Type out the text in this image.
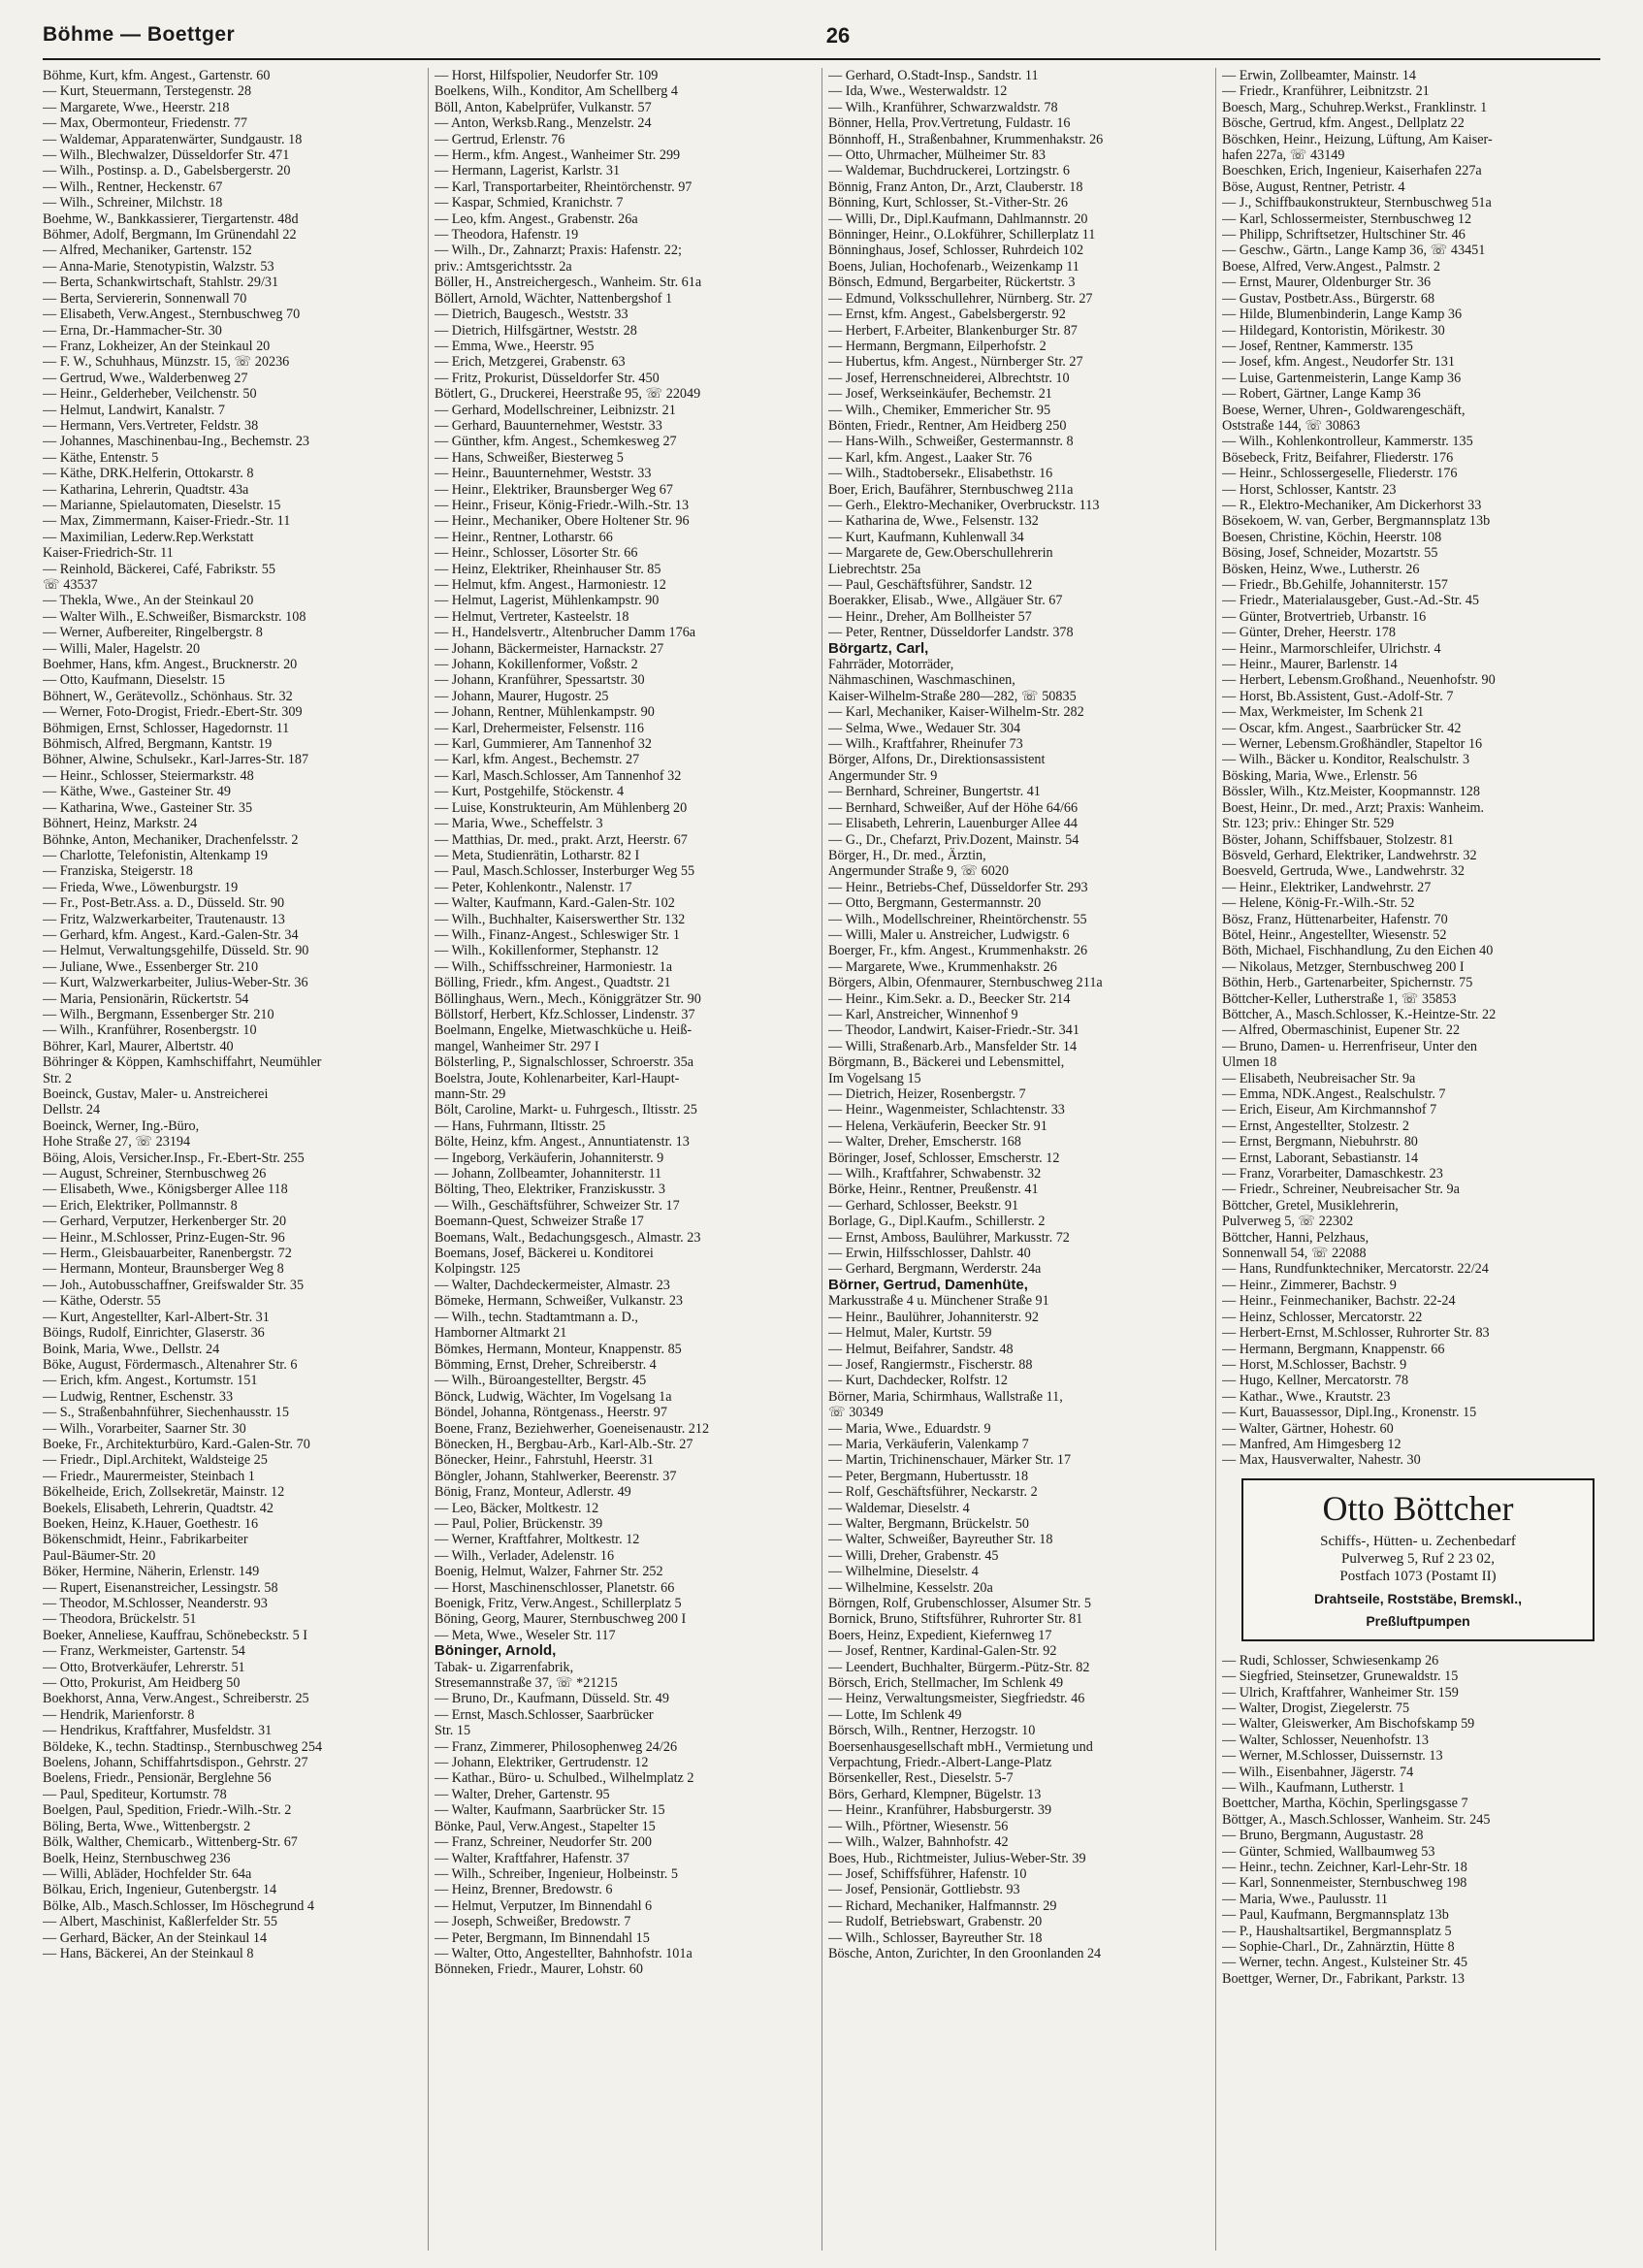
Böhme — Boettger	26
Böhme, Kurt, kfm. Angest., Gartenstr. 60
— Kurt, Steuermann, Terstegenstr. 28
— Margarete, Wwe., Heerstr. 218
— Max, Obermonteur, Friedenstr. 77
— Waldemar, Apparatenwärter, Sundgaustr. 18
— Wilh., Blechwalzer, Düsseldorfer Str. 471
— Wilh., Postinsp. a. D., Gabelsbergerstr. 20
— Wilh., Rentner, Heckenstr. 67
— Wilh., Schreiner, Milchstr. 18
Boehme, W., Bankkassierer, Tiergartenstr. 48d
Böhmer, Adolf, Bergmann, Im Grünendahl 22
— Alfred, Mechaniker, Gartenstr. 152
— Anna-Marie, Stenotypistin, Walzstr. 53
— Berta, Schankwirtschaft, Stahlstr. 29/31
— Berta, Serviererin, Sonnenwall 70
— Elisabeth, Verw.Angest., Sternbuschweg 70
— Erna, Dr.-Hammacher-Str. 30
— Franz, Lokheizer, An der Steinkaul 20
— F. W., Schuhhaus, Münzstr. 15, ☏ 20236
— Gertrud, Wwe., Walderbenweg 27
— Heinr., Gelderheber, Veilchenstr. 50
— Helmut, Landwirt, Kanalstr. 7
— Hermann, Vers.Vertreter, Feldstr. 38
— Johannes, Maschinenbau-Ing., Bechemstr. 23
— Käthe, Entenstr. 5
— Käthe, DRK.Helferin, Ottokarstr. 8
— Katharina, Lehrerin, Quadtstr. 43a
— Marianne, Spielautomaten, Dieselstr. 15
— Max, Zimmermann, Kaiser-Friedr.-Str. 11
— Maximilian, Lederw.Rep.Werkstatt
Kaiser-Friedrich-Str. 11
— Reinhold, Bäckerei, Café, Fabrikstr. 55
☏ 43537
— Thekla, Wwe., An der Steinkaul 20
— Walter Wilh., E.Schweißer, Bismarckstr. 108
— Werner, Aufbereiter, Ringelbergstr. 8
— Willi, Maler, Hagelstr. 20
Boehmer, Hans, kfm. Angest., Brucknerstr. 20
— Otto, Kaufmann, Dieselstr. 15
Böhnert, W., Gerätevollz., Schönhaus. Str. 32
— Werner, Foto-Drogist, Friedr.-Ebert-Str. 309
Böhmigen, Ernst, Schlosser, Hagedornstr. 11
Böhmisch, Alfred, Bergmann, Kantstr. 19
Böhner, Alwine, Schulsekr., Karl-Jarres-Str. 187
— Heinr., Schlosser, Steiermarkstr. 48
— Käthe, Wwe., Gasteiner Str. 49
— Katharina, Wwe., Gasteiner Str. 35
Böhnert, Heinz, Markstr. 24
Böhnke, Anton, Mechaniker, Drachenfelsstr. 2
— Charlotte, Telefonistin, Altenkamp 19
— Franziska, Steigerstr. 18
— Frieda, Wwe., Löwenburgstr. 19
— Fr., Post-Betr.Ass. a. D., Düsseld. Str. 90
— Fritz, Walzwerkarbeiter, Trautenaustr. 13
— Gerhard, kfm. Angest., Kard.-Galen-Str. 34
— Helmut, Verwaltungsgehilfe, Düsseld. Str. 90
— Juliane, Wwe., Essenberger Str. 210
— Kurt, Walzwerkarbeiter, Julius-Weber-Str. 36
— Maria, Pensionärin, Rückertstr. 54
— Wilh., Bergmann, Essenberger Str. 210
— Wilh., Kranführer, Rosenbergstr. 10
Böhrer, Karl, Maurer, Albertstr. 40
Böhringer & Köppen, Kamhschiffahrt, Neumühler
Str. 2
Boeinck, Gustav, Maler- u. Anstreicherei
Dellstr. 24
Boeinck, Werner, Ing.-Büro,
Hohe Straße 27, ☏ 23194
Böing, Alois, Versicher.Insp., Fr.-Ebert-Str. 255
— August, Schreiner, Sternbuschweg 26
— Elisabeth, Wwe., Königsberger Allee 118
— Erich, Elektriker, Pollmannstr. 8
— Gerhard, Verputzer, Herkenberger Str. 20
— Heinr., M.Schlosser, Prinz-Eugen-Str. 96
— Herm., Gleisbauarbeiter, Ranenbergstr. 72
— Hermann, Monteur, Braunsberger Weg 8
— Joh., Autobusschaffner, Greifswalder Str. 35
— Käthe, Oderstr. 55
— Kurt, Angestellter, Karl-Albert-Str. 31
Böings, Rudolf, Einrichter, Glaserstr. 36
Boink, Maria, Wwe., Dellstr. 24
Böke, August, Fördermasch., Altenahrer Str. 6
— Erich, kfm. Angest., Kortumstr. 151
— Ludwig, Rentner, Eschenstr. 33
— S., Straßenbahnführer, Siechenhausstr. 15
— Wilh., Vorarbeiter, Saarner Str. 30
Boeke, Fr., Architekturbüro, Kard.-Galen-Str. 70
— Friedr., Dipl.Architekt, Waldsteige 25
— Friedr., Maurermeister, Steinbach 1
Bökelheide, Erich, Zollsekretär, Mainstr. 12
Boekels, Elisabeth, Lehrerin, Quadtstr. 42
Boeken, Heinz, K.Hauer, Goethestr. 16
Bökenschmidt, Heinr., Fabrikarbeiter
Paul-Bäumer-Str. 20
Böker, Hermine, Näherin, Erlenstr. 149
— Rupert, Eisenanstreicher, Lessingstr. 58
— Theodor, M.Schlosser, Neanderstr. 93
— Theodora, Brückelstr. 51
Boeker, Anneliese, Kauffrau, Schönebeckstr. 5 I
— Franz, Werkmeister, Gartenstr. 54
— Otto, Brotverkäufer, Lehrerstr. 51
— Otto, Prokurist, Am Heidberg 50
Boekhorst, Anna, Verw.Angest., Schreiberstr. 25
— Hendrik, Marienforstr. 8
— Hendrikus, Kraftfahrer, Musfeldstr. 31
Böldeke, K., techn. Stadtinsp., Sternbuschweg 254
Boelens, Johann, Schiffahrtsdispon., Gehrstr. 27
Boelens, Friedr., Pensionär, Berglehne 56
— Paul, Spediteur, Kortumstr. 78
Boelgen, Paul, Spedition, Friedr.-Wilh.-Str. 2
Böling, Berta, Wwe., Wittenbergstr. 2
Bölk, Walther, Chemicarb., Wittenberg-Str. 67
Boelk, Heinz, Sternbuschweg 236
— Willi, Abläder, Hochfelder Str. 64a
Bölkau, Erich, Ingenieur, Gutenbergstr. 14
Bölke, Alb., Masch.Schlosser, Im Höschegrund 4
— Albert, Maschinist, Kaßlerfelder Str. 55
— Gerhard, Bäcker, An der Steinkaul 14
— Hans, Bäckerei, An der Steinkaul 8
— Horst, Hilfspolier, Neudorfer Str. 109
Boelkens, Wilh., Konditor, Am Schellberg 4
Böll, Anton, Kabelprüfer, Vulkanstr. 57
— Anton, Werksb.Rang., Menzelstr. 24
— Gertrud, Erlenstr. 76
— Herm., kfm. Angest., Wanheimer Str. 299
— Hermann, Lagerist, Karlstr. 31
— Karl, Transportarbeiter, Rheintörchenstr. 97
— Kaspar, Schmied, Kranichstr. 7
— Leo, kfm. Angest., Grabenstr. 26a
— Theodora, Hafenstr. 19
— Wilh., Dr., Zahnarzt; Praxis: Hafenstr. 22;
priv.: Amtsgerichtsstr. 2a
Böller, H., Anstreichergesch., Wanheim. Str. 61a
Böllert, Arnold, Wächter, Nattenbergshof 1
— Dietrich, Baugesch., Weststr. 33
— Dietrich, Hilfsgärtner, Weststr. 28
— Emma, Wwe., Heerstr. 95
— Erich, Metzgerei, Grabenstr. 63
— Fritz, Prokurist, Düsseldorfer Str. 450
Bötlert, G., Druckerei, Heerstraße 95, ☏ 22049
— Gerhard, Modellschreiner, Leibnizstr. 21
— Gerhard, Bauunternehmer, Weststr. 33
— Günther, kfm. Angest., Schemkesweg 27
— Hans, Schweißer, Biesterweg 5
— Heinr., Bauunternehmer, Weststr. 33
— Heinr., Elektriker, Braunsberger Weg 67
— Heinr., Friseur, König-Friedr.-Wilh.-Str. 13
— Heinr., Mechaniker, Obere Holtener Str. 96
— Heinr., Rentner, Lotharstr. 66
— Heinr., Schlosser, Lösorter Str. 66
— Heinz, Elektriker, Rheinhauser Str. 85
— Helmut, kfm. Angest., Harmoniestr. 12
— Helmut, Lagerist, Mühlenkampstr. 90
— Helmut, Vertreter, Kasteelstr. 18
— H., Handelsvertr., Altenbrucher Damm 176a
— Johann, Bäckermeister, Harnackstr. 27
— Johann, Kokillenformer, Voßstr. 2
— Johann, Kranführer, Spessartstr. 30
— Johann, Maurer, Hugostr. 25
— Johann, Rentner, Mühlenkampstr. 90
— Karl, Drehermeister, Felsenstr. 116
— Karl, Gummierer, Am Tannenhof 32
— Karl, kfm. Angest., Bechemstr. 27
— Karl, Masch.Schlosser, Am Tannenhof 32
— Kurt, Postgehilfe, Stöckenstr. 4
— Luise, Konstrukteurin, Am Mühlenberg 20
— Maria, Wwe., Scheffelstr. 3
— Matthias, Dr. med., prakt. Arzt, Heerstr. 67
— Meta, Studienrätin, Lotharstr. 82 I
— Paul, Masch.Schlosser, Insterburger Weg 55
— Peter, Kohlenkontr., Nalenstr. 17
— Walter, Kaufmann, Kard.-Galen-Str. 102
— Wilh., Buchhalter, Kaiserswerther Str. 132
— Wilh., Finanz-Angest., Schleswiger Str. 1
— Wilh., Kokillenformer, Stephanstr. 12
— Wilh., Schiffsschreiner, Harmoniestr. 1a
Bölling, Friedr., kfm. Angest., Quadtstr. 21
Böllinghaus, Wern., Mech., Königgrätzer Str. 90
Böllstorf, Herbert, Kfz.Schlosser, Lindenstr. 37
Boelmann, Engelke, Mietwaschküche u. Heiß-
mangel, Wanheimer Str. 297 I
Bölsterling, P., Signalschlosser, Schroerstr. 35a
Boelstra, Joute, Kohlenarbeiter, Karl-Haupt-
mann-Str. 29
Bölt, Caroline, Markt- u. Fuhrgesch., Iltisstr. 25
— Hans, Fuhrmann, Iltisstr. 25
Bölte, Heinz, kfm. Angest., Annuntiatenstr. 13
— Ingeborg, Verkäuferin, Johanniterstr. 9
— Johann, Zollbeamter, Johanniterstr. 11
Bölting, Theo, Elektriker, Franziskusstr. 3
— Wilh., Geschäftsführer, Schweizer Str. 17
Boemann-Quest, Schweizer Straße 17
Boemans, Walt., Bedachungsgesch., Almastr. 23
Boemans, Josef, Bäckerei u. Konditorei
Kolpingstr. 125
— Walter, Dachdeckermeister, Almastr. 23
Bömeke, Hermann, Schweißer, Vulkanstr. 23
— Wilh., techn. Stadtamtmann a. D.,
Hamborner Altmarkt 21
Bömkes, Hermann, Monteur, Knappenstr. 85
Bömming, Ernst, Dreher, Schreiberstr. 4
— Wilh., Büroangestellter, Bergstr. 45
Bönck, Ludwig, Wächter, Im Vogelsang 1a
Böndel, Johanna, Röntgenass., Heerstr. 97
Boene, Franz, Beziehwerher, Goeneisenaustr. 212
Bönecken, H., Bergbau-Arb., Karl-Alb.-Str. 27
Bönecker, Heinr., Fahrstuhl, Heerstr. 31
Böngler, Johann, Stahlwerker, Beerenstr. 37
Bönig, Franz, Monteur, Adlerstr. 49
— Leo, Bäcker, Moltkestr. 12
— Paul, Polier, Brückenstr. 39
— Werner, Kraftfahrer, Moltkestr. 12
— Wilh., Verlader, Adelenstr. 16
Boenig, Helmut, Walzer, Fahrner Str. 252
— Horst, Maschinenschlosser, Planetstr. 66
Boenigk, Fritz, Verw.Angest., Schillerplatz 5
Böning, Georg, Maurer, Sternbuschweg 200 I
— Meta, Wwe., Weseler Str. 117
Böninger, Arnold,
Tabak- u. Zigarrenfabrik,
Stresemannstraße 37, ☏ *21215
— Bruno, Dr., Kaufmann, Düsseld. Str. 49
— Ernst, Masch.Schlosser, Saarbrücker
Str. 15
— Franz, Zimmerer, Philosophenweg 24/26
— Johann, Elektriker, Gertrudenstr. 12
— Kathar., Büro- u. Schulbed., Wilhelmplatz 2
— Walter, Dreher, Gartenstr. 95
— Walter, Kaufmann, Saarbrücker Str. 15
Bönke, Paul, Verw.Angest., Stapelter 15
— Franz, Schreiner, Neudorfer Str. 200
— Walter, Kraftfahrer, Hafenstr. 37
— Wilh., Schreiber, Ingenieur, Holbeinstr. 5
— Heinz, Brenner, Bredowstr. 6
— Helmut, Verputzer, Im Binnendahl 6
— Joseph, Schweißer, Bredowstr. 7
— Peter, Bergmann, Im Binnendahl 15
— Walter, Otto, Angestellter, Bahnhofstr. 101a
Bönneken, Friedr., Maurer, Lohstr. 60
— Gerhard, O.Stadt-Insp., Sandstr. 11
— Ida, Wwe., Westerwaldstr. 12
— Wilh., Kranführer, Schwarzwaldstr. 78
Bönner, Hella, Prov.Vertretung, Fuldastr. 16
Bönnhoff, H., Straßenbahner, Krummenhakstr. 26
— Otto, Uhrmacher, Mülheimer Str. 83
— Waldemar, Buchdruckerei, Lortzingstr. 6
Bönnig, Franz Anton, Dr., Arzt, Clauberstr. 18
Bönning, Kurt, Schlosser, St.-Vither-Str. 26
— Willi, Dr., Dipl.Kaufmann, Dahlmannstr. 20
Bönninger, Heinr., O.Lokführer, Schillerplatz 11
Bönninghaus, Josef, Schlosser, Ruhrdeich 102
Boens, Julian, Hochofenarb., Weizenkamp 11
Bönsch, Edmund, Bergarbeiter, Rückertstr. 3
— Edmund, Volksschullehrer, Nürnberg. Str. 27
— Ernst, kfm. Angest., Gabelsbergerstr. 92
— Herbert, F.Arbeiter, Blankenburger Str. 87
— Hermann, Bergmann, Eilperhofstr. 2
— Hubertus, kfm. Angest., Nürnberger Str. 27
— Josef, Herrenschneiderei, Albrechtstr. 10
— Josef, Werkseinkäufer, Bechemstr. 21
— Wilh., Chemiker, Emmericher Str. 95
Bönten, Friedr., Rentner, Am Heidberg 250
— Hans-Wilh., Schweißer, Gestermannstr. 8
— Karl, kfm. Angest., Laaker Str. 76
— Wilh., Stadtobersekr., Elisabethstr. 16
Boer, Erich, Baufährer, Sternbuschweg 211a
— Gerh., Elektro-Mechaniker, Overbruckstr. 113
— Katharina de, Wwe., Felsenstr. 132
— Kurt, Kaufmann, Kuhlenwall 34
— Margarete de, Gew.Oberschullehrerin
Liebrechtstr. 25a
— Paul, Geschäftsführer, Sandstr. 12
Boerakker, Elisab., Wwe., Allgäuer Str. 67
— Heinr., Dreher, Am Bollheister 57
— Peter, Rentner, Düsseldorfer Landstr. 378
Börgartz, Carl,
Fahrräder, Motorräder,
Nähmaschinen, Waschmaschinen,
Kaiser-Wilhelm-Straße 280—282, ☏ 50835
— Karl, Mechaniker, Kaiser-Wilhelm-Str. 282
— Selma, Wwe., Wedauer Str. 304
— Wilh., Kraftfahrer, Rheinufer 73
Börger, Alfons, Dr., Direktionsassistent
Angermunder Str. 9
— Bernhard, Schreiner, Bungertstr. 41
— Bernhard, Schweißer, Auf der Höhe 64/66
— Elisabeth, Lehrerin, Lauenburger Allee 44
— G., Dr., Chefarzt, Priv.Dozent, Mainstr. 54
Börger, H., Dr. med., Ärztin,
Angermunder Straße 9, ☏ 6020
— Heinr., Betriebs-Chef, Düsseldorfer Str. 293
— Otto, Bergmann, Gestermannstr. 20
— Wilh., Modellschreiner, Rheintörchenstr. 55
— Willi, Maler u. Anstreicher, Ludwigstr. 6
Boerger, Fr., kfm. Angest., Krummenhakstr. 26
— Margarete, Wwe., Krummenhakstr. 26
Börgers, Albin, Ofenmaurer, Sternbuschweg 211a
— Heinr., Kim.Sekr. a. D., Beecker Str. 214
— Karl, Anstreicher, Winnenhof 9
— Theodor, Landwirt, Kaiser-Friedr.-Str. 341
— Willi, Straßenarb.Arb., Mansfelder Str. 14
Börgmann, B., Bäckerei und Lebensmittel,
Im Vogelsang 15
— Dietrich, Heizer, Rosenbergstr. 7
— Heinr., Wagenmeister, Schlachtenstr. 33
— Helena, Verkäuferin, Beecker Str. 91
— Walter, Dreher, Emscherstr. 168
Böringer, Josef, Schlosser, Emscherstr. 12
— Wilh., Kraftfahrer, Schwabenstr. 32
Börke, Heinr., Rentner, Preußenstr. 41
— Gerhard, Schlosser, Beekstr. 91
Borlage, G., Dipl.Kaufm., Schillerstr. 2
— Ernst, Amboss, Baulührer, Markusstr. 72
— Erwin, Hilfsschlosser, Dahlstr. 40
— Gerhard, Bergmann, Werderstr. 24a
Börner, Gertrud, Damenhüte,
Markusstraße 4 u. Münchener Straße 91
— Heinr., Baulührer, Johanniterstr. 92
— Helmut, Maler, Kurtstr. 59
— Helmut, Beifahrer, Sandstr. 48
— Josef, Rangiermstr., Fischerstr. 88
— Kurt, Dachdecker, Rolfstr. 12
Börner, Maria, Schirmhaus, Wallstraße 11,
☏ 30349
— Maria, Wwe., Eduardstr. 9
— Maria, Verkäuferin, Valenkamp 7
— Martin, Trichinenschauer, Märker Str. 17
— Peter, Bergmann, Hubertusstr. 18
— Rolf, Geschäftsführer, Neckarstr. 2
— Waldemar, Dieselstr. 4
— Walter, Bergmann, Brückelstr. 50
— Walter, Schweißer, Bayreuther Str. 18
— Willi, Dreher, Grabenstr. 45
— Wilhelmine, Dieselstr. 4
— Wilhelmine, Kesselstr. 20a
Börngen, Rolf, Grubenschlosser, Alsumer Str. 5
Bornick, Bruno, Stiftsführer, Ruhrorter Str. 81
Boers, Heinz, Expedient, Kiefernweg 17
— Josef, Rentner, Kardinal-Galen-Str. 92
— Leendert, Buchhalter, Bürgerm.-Pütz-Str. 82
Börsch, Erich, Stellmacher, Im Schlenk 49
— Heinz, Verwaltungsmeister, Siegfriedstr. 46
— Lotte, Im Schlenk 49
Börsch, Wilh., Rentner, Herzogstr. 10
Boersenhausgesellschaft mbH., Vermietung und
Verpachtung, Friedr.-Albert-Lange-Platz
Börsenkeller, Rest., Dieselstr. 5-7
Börs, Gerhard, Klempner, Bügelstr. 13
— Heinr., Kranführer, Habsburgerstr. 39
— Wilh., Pförtner, Wiesenstr. 56
— Wilh., Walzer, Bahnhofstr. 42
Boes, Hub., Richtmeister, Julius-Weber-Str. 39
— Josef, Schiffsführer, Hafenstr. 10
— Josef, Pensionär, Gottliebstr. 93
— Richard, Mechaniker, Halfmannstr. 29
— Rudolf, Betriebswart, Grabenstr. 20
— Wilh., Schlosser, Bayreuther Str. 18
Bösche, Anton, Zurichter, In den Groonlanden 24
— Erwin, Zollbeamter, Mainstr. 14
— Friedr., Kranführer, Leibnitzstr. 21
Boesch, Marg., Schuhrep.Werkst., Franklinstr. 1
Bösche, Gertrud, kfm. Angest., Dellplatz 22
Böschken, Heinr., Heizung, Lüftung, Am Kaiser-
hafen 227a, ☏ 43149
Boeschken, Erich, Ingenieur, Kaiserhafen 227a
Böse, August, Rentner, Petristr. 4
— J., Schiffbaukonstrukteur, Sternbuschweg 51a
— Karl, Schlossermeister, Sternbuschweg 12
— Philipp, Schriftsetzer, Hultschiner Str. 46
— Geschw., Gärtn., Lange Kamp 36, ☏ 43451
Boese, Alfred, Verw.Angest., Palmstr. 2
— Ernst, Maurer, Oldenburger Str. 36
— Gustav, Postbetr.Ass., Bürgerstr. 68
— Hilde, Blumenbinderin, Lange Kamp 36
— Hildegard, Kontoristin, Mörikestr. 30
— Josef, Rentner, Kammerstr. 135
— Josef, kfm. Angest., Neudorfer Str. 131
— Luise, Gartenmeisterin, Lange Kamp 36
— Robert, Gärtner, Lange Kamp 36
Boese, Werner, Uhren-, Goldwarengeschäft,
Oststraße 144, ☏ 30863
— Wilh., Kohlenkontrolleur, Kammerstr. 135
Bösebeck, Fritz, Beifahrer, Fliederstr. 176
— Heinr., Schlossergeselle, Fliederstr. 176
— Horst, Schlosser, Kantstr. 23
— R., Elektro-Mechaniker, Am Dickerhorst 33
Bösekoem, W. van, Gerber, Bergmannsplatz 13b
Boesen, Christine, Köchin, Heerstr. 108
Bösing, Josef, Schneider, Mozartstr. 55
Bösken, Heinz, Wwe., Lutherstr. 26
— Friedr., Bb.Gehilfe, Johanniterstr. 157
— Friedr., Materialausgeber, Gust.-Ad.-Str. 45
— Günter, Brotvertrieb, Urbanstr. 16
— Günter, Dreher, Heerstr. 178
— Heinr., Marmorschleifer, Ulrichstr. 4
— Heinr., Maurer, Barlenstr. 14
— Herbert, Lebensm.Großhand., Neuenhofstr. 90
— Horst, Bb.Assistent, Gust.-Adolf-Str. 7
— Max, Werkmeister, Im Schenk 21
— Oscar, kfm. Angest., Saarbrücker Str. 42
— Werner, Lebensm.Großhändler, Stapeltor 16
— Wilh., Bäcker u. Konditor, Realschulstr. 3
Bösking, Maria, Wwe., Erlenstr. 56
Bössler, Wilh., Ktz.Meister, Koopmannstr. 128
Boest, Heinr., Dr. med., Arzt; Praxis: Wanheim.
Str. 123; priv.: Ehinger Str. 529
Böster, Johann, Schiffsbauer, Stolzestr. 81
Bösveld, Gerhard, Elektriker, Landwehrstr. 32
Boesveld, Gertruda, Wwe., Landwehrstr. 32
— Heinr., Elektriker, Landwehrstr. 27
— Helene, König-Fr.-Wilh.-Str. 52
Bösz, Franz, Hüttenarbeiter, Hafenstr. 70
Bötel, Heinr., Angestellter, Wiesenstr. 52
Böth, Michael, Fischhandlung, Zu den Eichen 40
— Nikolaus, Metzger, Sternbuschweg 200 I
Böthin, Herb., Gartenarbeiter, Spichernstr. 75
Böttcher-Keller, Lutherstraße 1, ☏ 35853
Böttcher, A., Masch.Schlosser, K.-Heintze-Str. 22
— Alfred, Obermaschinist, Eupener Str. 22
— Bruno, Damen- u. Herrenfriseur, Unter den
Ulmen 18
— Elisabeth, Neubreisacher Str. 9a
— Emma, NDK.Angest., Realschulstr. 7
— Erich, Eiseur, Am Kirchmannshof 7
— Ernst, Angestellter, Stolzestr. 2
— Ernst, Bergmann, Niebuhrstr. 80
— Ernst, Laborant, Sebastianstr. 14
— Franz, Vorarbeiter, Damaschkestr. 23
— Friedr., Schreiner, Neubreisacher Str. 9a
Böttcher, Gretel, Musiklehrerin,
Pulverweg 5, ☏ 22302
Böttcher, Hanni, Pelzhaus,
Sonnenwall 54, ☏ 22088
— Hans, Rundfunktechniker, Mercatorstr. 22/24
— Heinr., Zimmerer, Bachstr. 9
— Heinr., Feinmechaniker, Bachstr. 22-24
— Heinz, Schlosser, Mercatorstr. 22
— Herbert-Ernst, M.Schlosser, Ruhrorter Str. 83
— Hermann, Bergmann, Knappenstr. 66
— Horst, M.Schlosser, Bachstr. 9
— Hugo, Kellner, Mercatorstr. 78
— Kathar., Wwe., Krautstr. 23
— Kurt, Bauassessor, Dipl.Ing., Kronenstr. 15
— Walter, Gärtner, Hohestr. 60
— Manfred, Am Himgesberg 12
— Max, Hausverwalter, Nahestr. 30
Otto Böttcher
Schiffs-, Hütten- u. Zechenbedarf
Pulverweg 5, Ruf 2 23 02,
Postfach 1073 (Postamt II)
Drahtseile, Roststäbe, Bremskl.,
Preßluftpumpen
— Rudi, Schlosser, Schwiesenkamp 26
— Siegfried, Steinsetzer, Grunewaldstr. 15
— Ulrich, Kraftfahrer, Wanheimer Str. 159
— Walter, Drogist, Ziegelerstr. 75
— Walter, Gleiswerker, Am Bischofskamp 59
— Walter, Schlosser, Neuenhofstr. 13
— Werner, M.Schlosser, Duissernstr. 13
— Wilh., Eisenbahner, Jägerstr. 74
— Wilh., Kaufmann, Lutherstr. 1
Boettcher, Martha, Köchin, Sperlingsgasse 7
Böttger, A., Masch.Schlosser, Wanheim. Str. 245
— Bruno, Bergmann, Augustastr. 28
— Günter, Schmied, Wallbaumweg 53
— Heinr., techn. Zeichner, Karl-Lehr-Str. 18
— Karl, Sonnenmeister, Sternbuschweg 198
— Maria, Wwe., Paulusstr. 11
— Paul, Kaufmann, Bergmannsplatz 13b
— P., Haushaltsartikel, Bergmannsplatz 5
— Sophie-Charl., Dr., Zahnärztin, Hütte 8
— Werner, techn. Angest., Kulsteiner Str. 45
Boettger, Werner, Dr., Fabrikant, Parkstr. 13
